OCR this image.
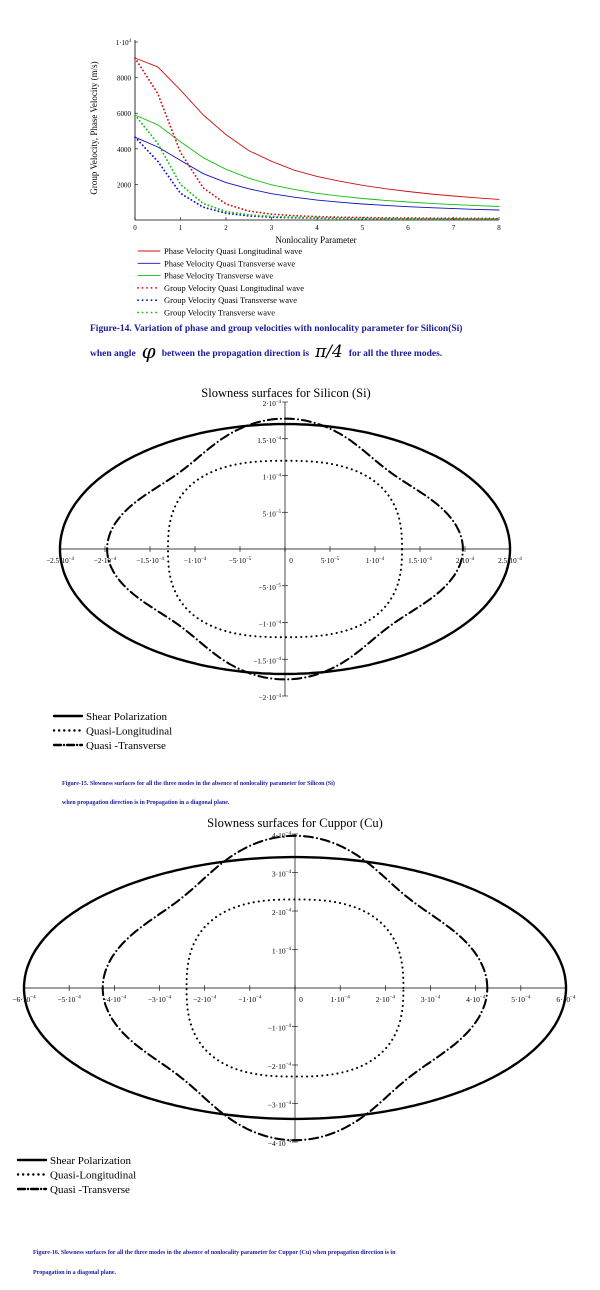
Group Velocity, Phase Velocity (m/s)
Nonlocality Parameter
2000
4000
6000
8000
$1\cdot 10^4$
0	1	2	3	4	5	6	7	8
Phase Velocity Quasi Longitudinal wave
Phase Velocity Quasi Transverse wave
Phase Velocity Transverse wave
Group Velocity Quasi Longitudinal wave
Group Velocity Quasi Transverse wave
Group Velocity Transverse wave
Slowness surfaces for Silicon (Si)
$-2.5\cdot 10^{-4}$	$-2\cdot 10^{-4}$	$-1.5\cdot 10^{-4}$	$-1\cdot 10^{-4}$	$-5\cdot 10^{-5}$	0	$5\cdot 10^{-5}$	$1\cdot 10^{-4}$	$1.5\cdot 10^{-4}$	$2\cdot 10^{-4}$	$2.5\cdot 10^{-4}$
$2\cdot 10^{-4}$
$1.5\cdot 10^{-4}$
$1\cdot 10^{-4}$
$5\cdot 10^{-5}$
$-5\cdot 10^{-5}$
$-1\cdot 10^{-4}$
$-1.5\cdot 10^{-4}$
$-2\cdot 10^{-4}$
Shear Polarization
Quasi-Longitudinal
Quasi -Transverse
Slowness surfaces for Cuppor (Cu)
$-6\cdot 10^{-4}$	$-5\cdot 10^{-4}$	$-4\cdot 10^{-4}$	$-3\cdot 10^{-4}$	$-2\cdot 10^{-4}$	$-1\cdot 10^{-4}$	0	$1\cdot 10^{-4}$	$2\cdot 10^{-4}$	$3\cdot 10^{-4}$	$4\cdot 10^{-4}$	$5\cdot 10^{-4}$	$6\cdot 10^{-4}$
$4\cdot 10^{-4}$
$3\cdot 10^{-4}$
$2\cdot 10^{-4}$
$1\cdot 10^{-4}$
$-1\cdot 10^{-4}$
$-2\cdot 10^{-4}$
$-3\cdot 10^{-4}$
$-4\cdot 10^{-4}$
Shear Polarization
Quasi-Longitudinal
Quasi -Transverse
Figure-14. Variation of phase and group velocities with nonlocality parameter for Silicon(Si)
when angle φ between the propagation direction is π/4 for all the three modes.
Figure-15. Slowness surfaces for all the three modes in the absence of nonlocality parameter for Silicon (Si)
when propagation direction is in Propagation in a diagonal plane.
Figure-16. Slowness surfaces for all the three modes in the absence of nonlocality parameter for Cuppor (Cu) when propagation direction is in
Propagation in a diagonal plane.
